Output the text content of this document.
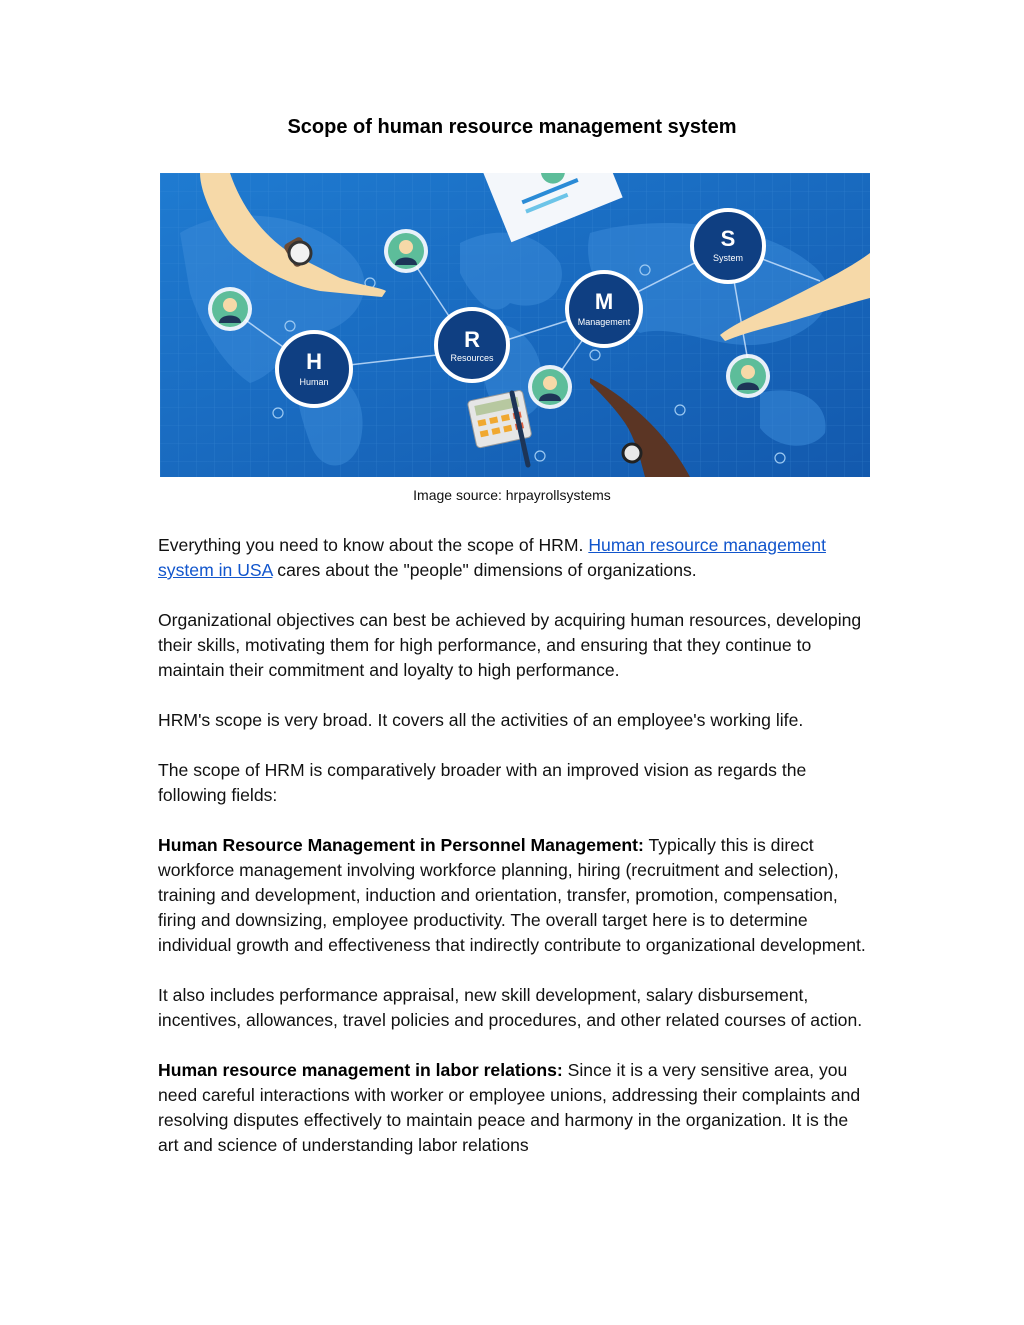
Scope of human resource management system
H
Human
R
Resources
M
Management
S
System
Image source: hrpayrollsystems

Everything you need to know about the scope of HRM. Human resource management system in USA cares about the "people" dimensions of organizations.

Organizational objectives can best be achieved by acquiring human resources, developing their skills, motivating them for high performance, and ensuring that they continue to maintain their commitment and loyalty to high performance.

HRM's scope is very broad. It covers all the activities of an employee's working life.

The scope of HRM is comparatively broader with an improved vision as regards the following fields:

Human Resource Management in Personnel Management: Typically this is direct workforce management involving workforce planning, hiring (recruitment and selection), training and development, induction and orientation, transfer, promotion, compensation, firing and downsizing, employee productivity. The overall target here is to determine individual growth and effectiveness that indirectly contribute to organizational development.

It also includes performance appraisal, new skill development, salary disbursement, incentives, allowances, travel policies and procedures, and other related courses of action.

Human resource management in labor relations: Since it is a very sensitive area, you need careful interactions with worker or employee unions, addressing their complaints and resolving disputes effectively to maintain peace and harmony in the organization. It is the art and science of understanding labor relations
